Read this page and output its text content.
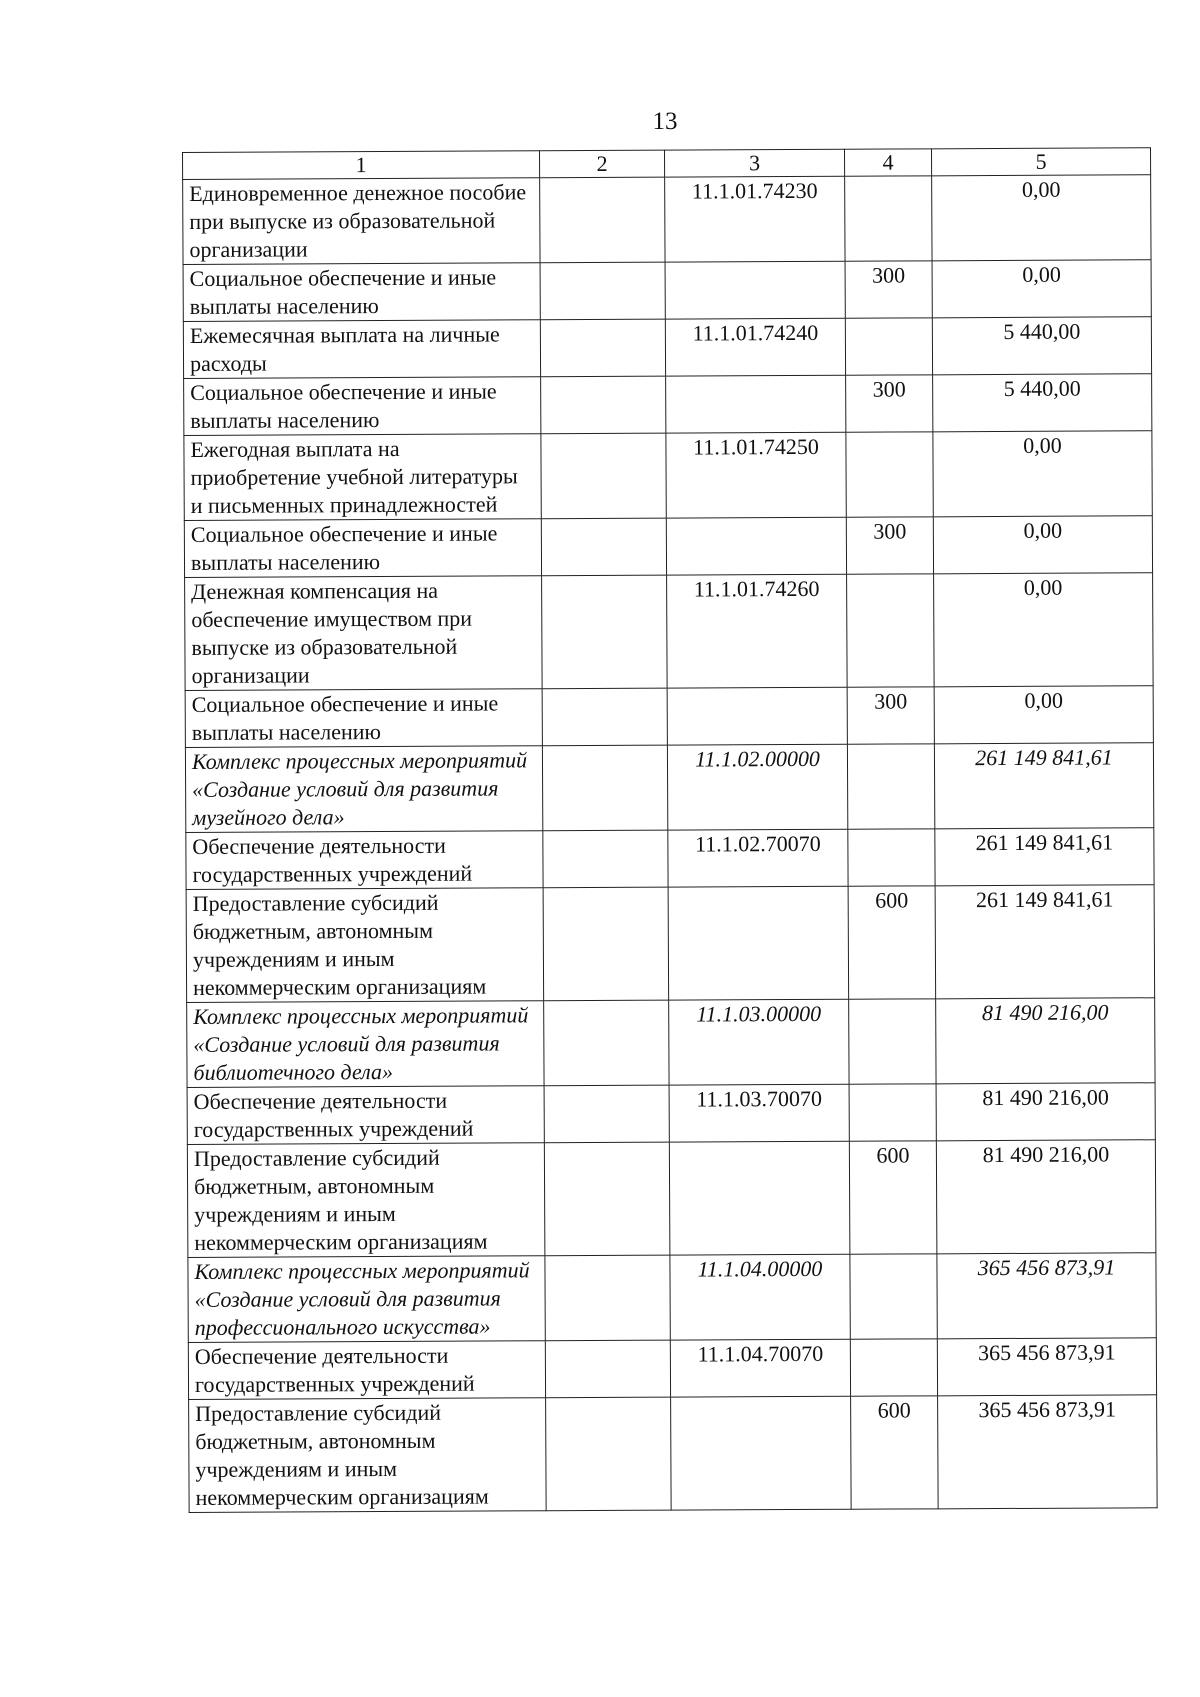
13
1	2	3	4	5
Единовременное денежное пособие при выпуске из образовательной организации		11.1.01.74230		0,00
Социальное обеспечение и иные выплаты населению			300	0,00
Ежемесячная выплата на личные расходы		11.1.01.74240		5 440,00
Социальное обеспечение и иные выплаты населению			300	5 440,00
Ежегодная выплата на приобретение учебной литературы и письменных принадлежностей		11.1.01.74250		0,00
Социальное обеспечение и иные выплаты населению			300	0,00
Денежная компенсация на обеспечение имуществом при выпуске из образовательной организации		11.1.01.74260		0,00
Социальное обеспечение и иные выплаты населению			300	0,00
Комплекс процессных мероприятий «Создание условий для развития музейного дела»		11.1.02.00000		261 149 841,61
Обеспечение деятельности государственных учреждений		11.1.02.70070		261 149 841,61
Предоставление субсидий бюджетным, автономным учреждениям и иным некоммерческим организациям			600	261 149 841,61
Комплекс процессных мероприятий «Создание условий для развития библиотечного дела»		11.1.03.00000		81 490 216,00
Обеспечение деятельности государственных учреждений		11.1.03.70070		81 490 216,00
Предоставление субсидий бюджетным, автономным учреждениям и иным некоммерческим организациям			600	81 490 216,00
Комплекс процессных мероприятий «Создание условий для развития профессионального искусства»		11.1.04.00000		365 456 873,91
Обеспечение деятельности государственных учреждений		11.1.04.70070		365 456 873,91
Предоставление субсидий бюджетным, автономным учреждениям и иным некоммерческим организациям			600	365 456 873,91
